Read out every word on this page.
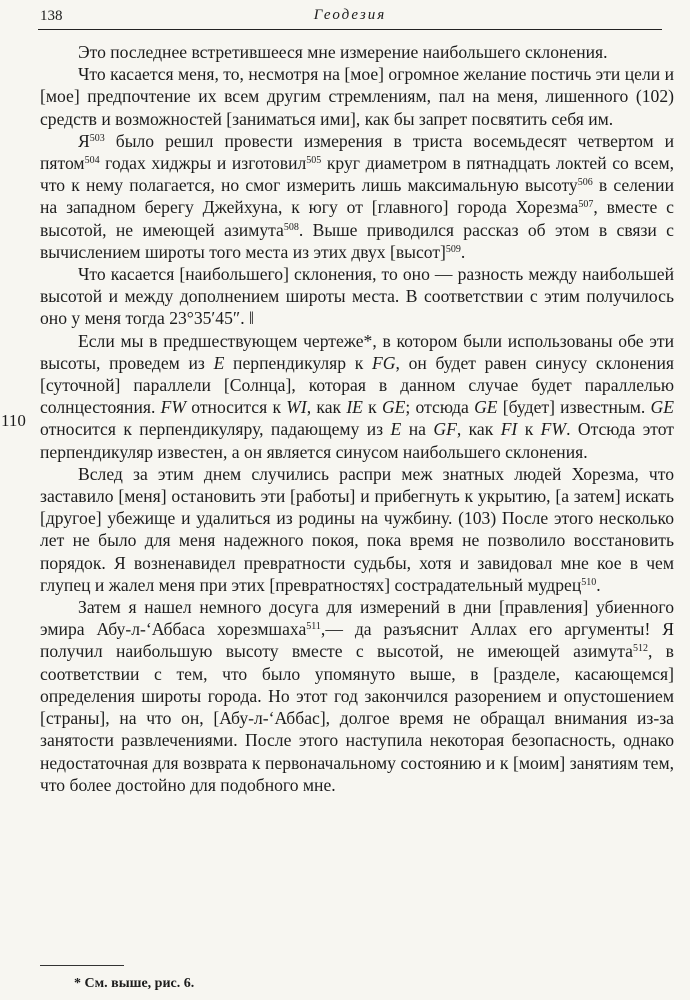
138	Геодезия
110

Это последнее встретившееся мне измерение наибольшего склонения.

Что касается меня, то, несмотря на [мое] огромное желание постичь эти цели и [мое] предпочтение их всем другим стремлениям, пал на меня, лишенного (102) средств и возможностей [заниматься ими], как бы запрет посвятить себя им.

$Я^{503}$ было решил провести измерения в триста восемьдесят четвертом и пятом$^{504}$ годах хиджры и изготовил$^{505}$ круг диаметром в пятнадцать локтей со всем, что к нему полагается, но смог измерить лишь максимальную высоту$^{506}$ в селении на западном берегу Джейхуна, к югу от [главного] города Хорезма$^{507}$, вместе с высотой, не имеющей азимута$^{508}$. Выше приводился рассказ об этом в связи с вычислением широты того места из этих двух [высот]$^{509}$.

Что касается [наибольшего] склонения, то оно — разность между наибольшей высотой и между дополнением широты места. В соответствии с этим получилось оно у меня тогда 23°35′45″. ‖

Если мы в предшествующем чертеже*, в котором были использованы обе эти высоты, проведем из E перпендикуляр к FG, он будет равен синусу склонения [суточной] параллели [Солнца], которая в данном случае будет параллелью солнцестояния. FW относится к WI, как IE к GE; отсюда GE [будет] известным. GE относится к перпендикуляру, падающему из E на GF, как FI к FW. Отсюда этот перпендикуляр известен, а он является синусом наибольшего склонения.

Вслед за этим днем случились распри меж знатных людей Хорезма, что заставило [меня] остановить эти [работы] и прибегнуть к укрытию, [а затем] искать [другое] убежище и удалиться из родины на чужбину. (103) После этого несколько лет не было для меня надежного покоя, пока время не позволило восстановить порядок. Я возненавидел превратности судьбы, хотя и завидовал мне кое в чем глупец и жалел меня при этих [превратностях] сострадательный мудрец$^{510}$.

Затем я нашел немного досуга для измерений в дни [правления] убиенного эмира Абу-л-‘Аббаса хорезмшаха$^{511}$,— да разъяснит Аллах его аргументы! Я получил наибольшую высоту вместе с высотой, не имеющей азимута$^{512}$, в соответствии с тем, что было упомянуто выше, в [разделе, касающемся] определения широты города. Но этот год закончился разорением и опустошением [страны], на что он, [Абу-л-‘Аббас], долгое время не обращал внимания из-за занятости развлечениями. После этого наступила некоторая безопасность, однако недостаточная для возврата к первоначальному состоянию и к [моим] занятиям тем, что более достойно для подобного мне.

* См. выше, рис. 6.
